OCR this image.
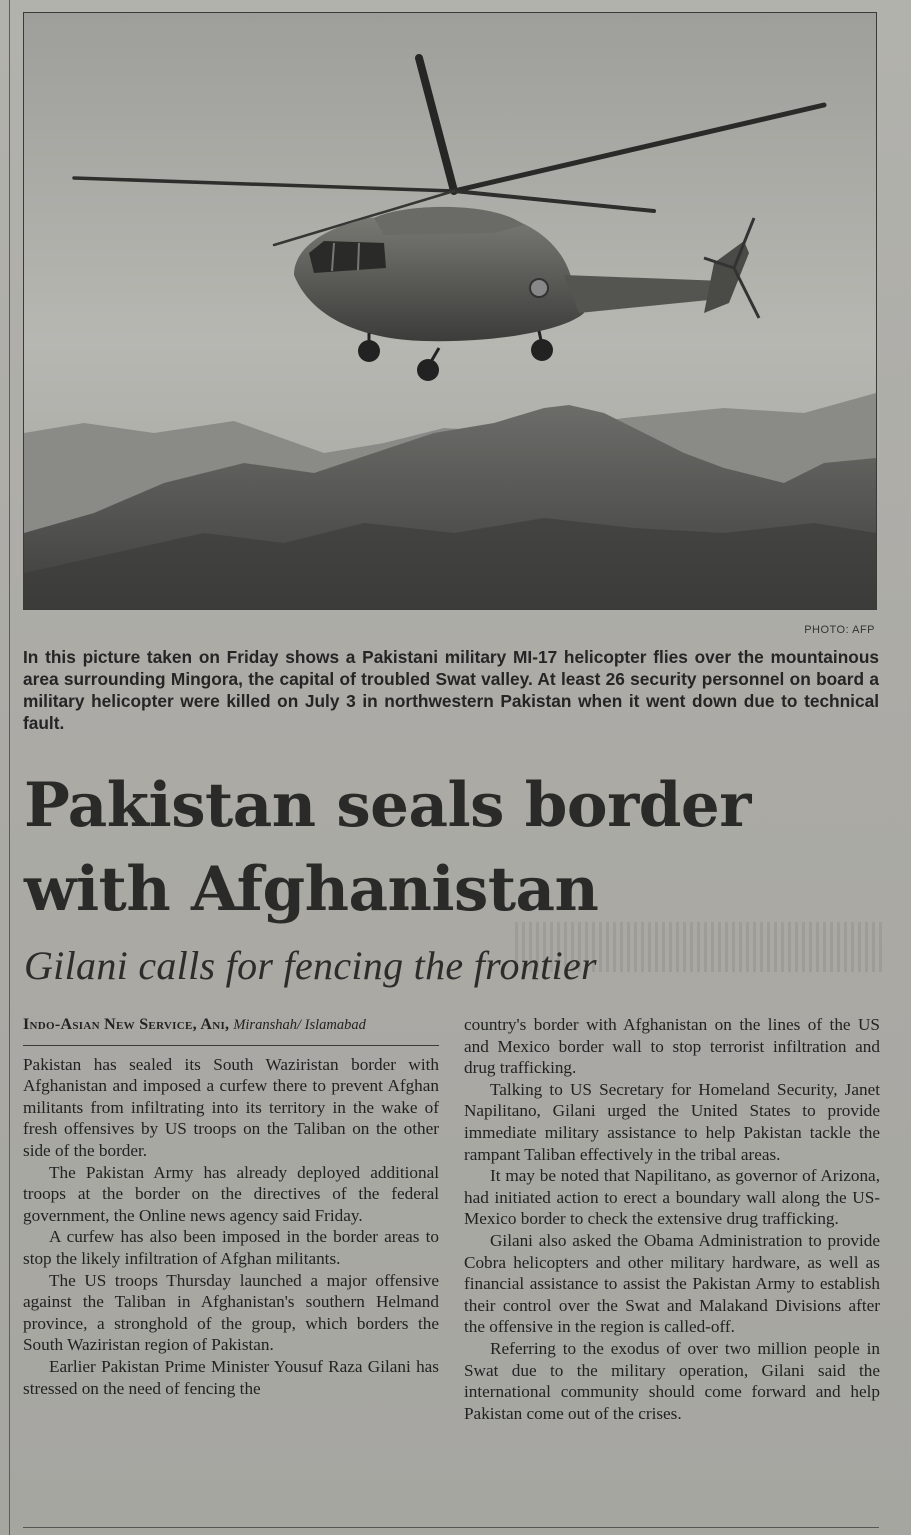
PHOTO: AFP
In this picture taken on Friday shows a Pakistani military MI-17 helicopter flies over the mountainous area surrounding Mingora, the capital of troubled Swat valley. At least 26 security personnel on board a military helicopter were killed on July 3 in northwestern Pakistan when it went down due to technical fault.
Pakistan seals border
with Afghanistan
Gilani calls for fencing the frontier
Indo-Asian New Service, Ani, Miranshah/ Islamabad

Pakistan has sealed its South Waziristan border with Afghanistan and imposed a curfew there to prevent Afghan militants from infiltrating into its territory in the wake of fresh offensives by US troops on the Taliban on the other side of the border.

The Pakistan Army has already deployed additional troops at the border on the directives of the federal government, the Online news agency said Friday.

A curfew has also been imposed in the border areas to stop the likely infiltration of Afghan militants.

The US troops Thursday launched a major offensive against the Taliban in Afghanistan's southern Helmand province, a stronghold of the group, which borders the South Waziristan region of Pakistan.

Earlier Pakistan Prime Minister Yousuf Raza Gilani has stressed on the need of fencing the

country's border with Afghanistan on the lines of the US and Mexico border wall to stop terrorist infiltration and drug trafficking.

Talking to US Secretary for Homeland Security, Janet Napilitano, Gilani urged the United States to provide immediate military assistance to help Pakistan tackle the rampant Taliban effectively in the tribal areas.

It may be noted that Napilitano, as governor of Arizona, had initiated action to erect a boundary wall along the US-Mexico border to check the extensive drug trafficking.

Gilani also asked the Obama Administration to provide Cobra helicopters and other military hardware, as well as financial assistance to assist the Pakistan Army to establish their control over the Swat and Malakand Divisions after the offensive in the region is called-off.

Referring to the exodus of over two million people in Swat due to the military operation, Gilani said the international community should come forward and help Pakistan come out of the crises.
